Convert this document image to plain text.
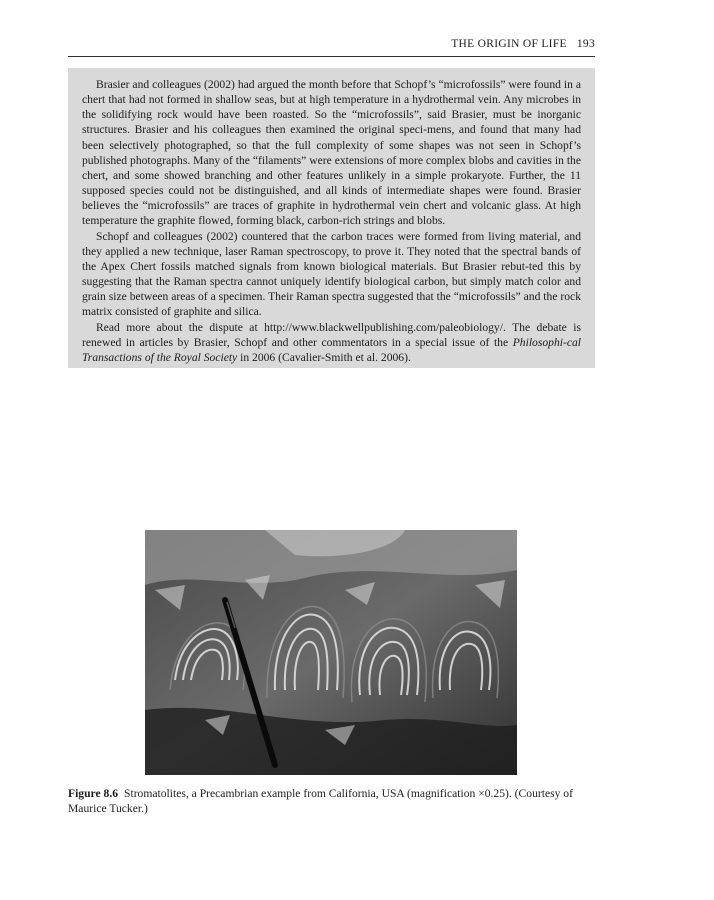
THE ORIGIN OF LIFE 193

Brasier and colleagues (2002) had argued the month before that Schopf’s “microfossils” were found in a chert that had not formed in shallow seas, but at high temperature in a hydrothermal vein. Any microbes in the solidifying rock would have been roasted. So the “microfossils”, said Brasier, must be inorganic structures. Brasier and his colleagues then examined the original speci-mens, and found that many had been selectively photographed, so that the full complexity of some shapes was not seen in Schopf’s published photographs. Many of the “filaments” were extensions of more complex blobs and cavities in the chert, and some showed branching and other features unlikely in a simple prokaryote. Further, the 11 supposed species could not be distinguished, and all kinds of intermediate shapes were found. Brasier believes the “microfossils” are traces of graphite in hydrothermal vein chert and volcanic glass. At high temperature the graphite flowed, forming black, carbon-rich strings and blobs.

Schopf and colleagues (2002) countered that the carbon traces were formed from living material, and they applied a new technique, laser Raman spectroscopy, to prove it. They noted that the spectral bands of the Apex Chert fossils matched signals from known biological materials. But Brasier rebut-ted this by suggesting that the Raman spectra cannot uniquely identify biological carbon, but simply match color and grain size between areas of a specimen. Their Raman spectra suggested that the “microfossils” and the rock matrix consisted of graphite and silica.

Read more about the dispute at http://www.blackwellpublishing.com/paleobiology/. The debate is renewed in articles by Brasier, Schopf and other commentators in a special issue of the Philosophi-cal Transactions of the Royal Society in 2006 (Cavalier-Smith et al. 2006).

Figure 8.6 Stromatolites, a Precambrian example from California, USA (magnification ×0.25). (Courtesy of Maurice Tucker.)
